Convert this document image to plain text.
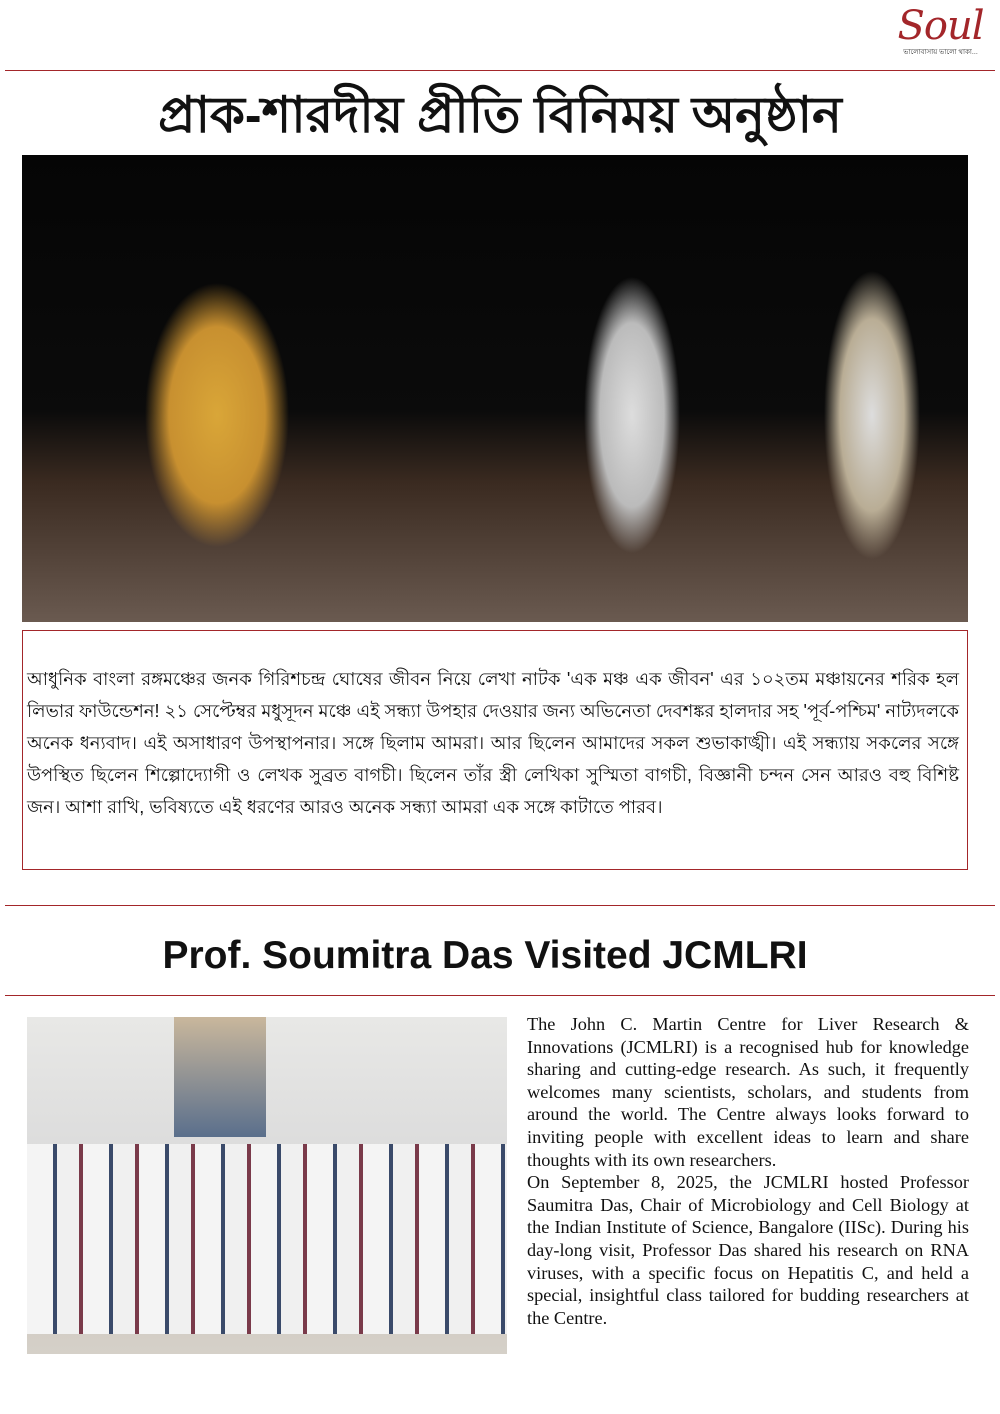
Soul
ভালোবাসায় ভালো থাকা...
প্রাক-শারদীয় প্রীতি বিনিময় অনুষ্ঠান

আধুনিক বাংলা রঙ্গমঞ্চের জনক গিরিশচন্দ্র ঘোষের জীবন নিয়ে লেখা নাটক 'এক মঞ্চ এক জীবন' এর ১০২তম মঞ্চায়নের শরিক হল লিভার ফাউন্ডেশন! ২১ সেপ্টেম্বর মধুসূদন মঞ্চে এই সন্ধ্যা উপহার দেওয়ার জন্য অভিনেতা দেবশঙ্কর হালদার সহ 'পূর্ব-পশ্চিম' নাট্যদলকে অনেক ধন্যবাদ। এই অসাধারণ উপস্থাপনার। সঙ্গে ছিলাম আমরা। আর ছিলেন আমাদের সকল শুভাকাঙ্খী। এই সন্ধ্যায় সকলের সঙ্গে উপস্থিত ছিলেন শিল্পোদ্যোগী ও লেখক সুব্রত বাগচী। ছিলেন তাঁর স্ত্রী লেখিকা সুস্মিতা বাগচী, বিজ্ঞানী চন্দন সেন আরও বহু বিশিষ্ট জন। আশা রাখি, ভবিষ্যতে এই ধরণের আরও অনেক সন্ধ্যা আমরা এক সঙ্গে কাটাতে পারব।

Prof. Soumitra Das Visited JCMLRI

The John C. Martin Centre for Liver Research & Innovations (JCMLRI) is a recognised hub for knowledge sharing and cutting-edge research. As such, it frequently welcomes many scientists, scholars, and students from around the world. The Centre always looks forward to inviting people with excellent ideas to learn and share thoughts with its own researchers.

On September 8, 2025, the JCMLRI hosted Professor Saumitra Das, Chair of Microbiology and Cell Biology at the Indian Institute of Science, Bangalore (IISc). During his day-long visit, Professor Das shared his research on RNA viruses, with a specific focus on Hepatitis C, and held a special, insightful class tailored for budding researchers at the Centre.
